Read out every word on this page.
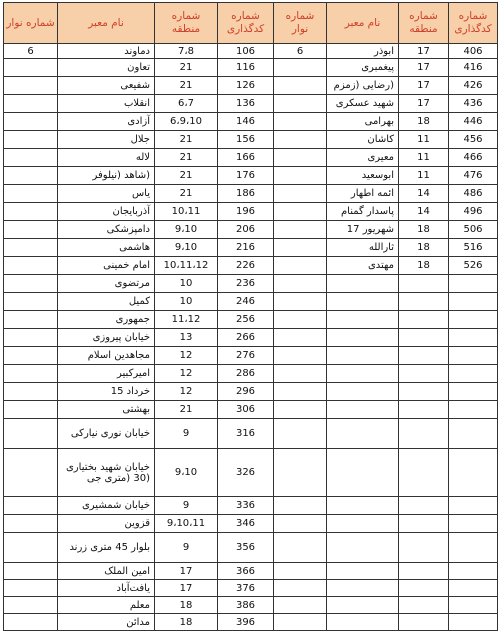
شماره نوار	نام معبر	شماره منطقه	شماره کدگذاری	شماره نوار	نام معبر	شماره منطقه	شماره کدگذاری
6	دماوند	7،8	106	6	ابوذر	17	406
	تعاون	21	116		پیغمبری	17	416
	شفیعی	21	126		(رضایی (زمزم	17	426
	انقلاب	6،7	136		شهید عسکری	17	436
	آزادی	6،9،10	146		بهرامی	18	446
	جلال	21	156		کاشان	11	456
	لاله	21	166		معیری	11	466
	(شاهد (نیلوفر	21	176		ابوسعید	11	476
	یاس	21	186		ائمه اطهار	14	486
	آذربایجان	10،11	196		پاسدار گمنام	14	496
	دامپزشکی	9،10	206		شهریور 17	18	506
	هاشمی	9،10	216		ثارالله	18	516
	امام خمینی	10،11،12	226		مهتدی	18	526
	مرتضوی	10	236				
	کمیل	10	246				
	جمهوری	11،12	256				
	خیابان پیروزی	13	266				
	مجاهدین اسلام	12	276				
	امیرکبیر	12	286				
	خرداد 15	12	296				
	بهشتی	21	306				
	خیابان نوری نیارکی	9	316				
	خیابان شهید بختیاری (30 (متری جی	9،10	326				
	خیابان شمشیری	9	336				
	قزوین	9،10،11	346				
	بلوار 45 متری زرند	9	356				
	امین الملک	17	366				
	یافت‌آباد	17	376				
	معلم	18	386				
	مدائن	18	396				
